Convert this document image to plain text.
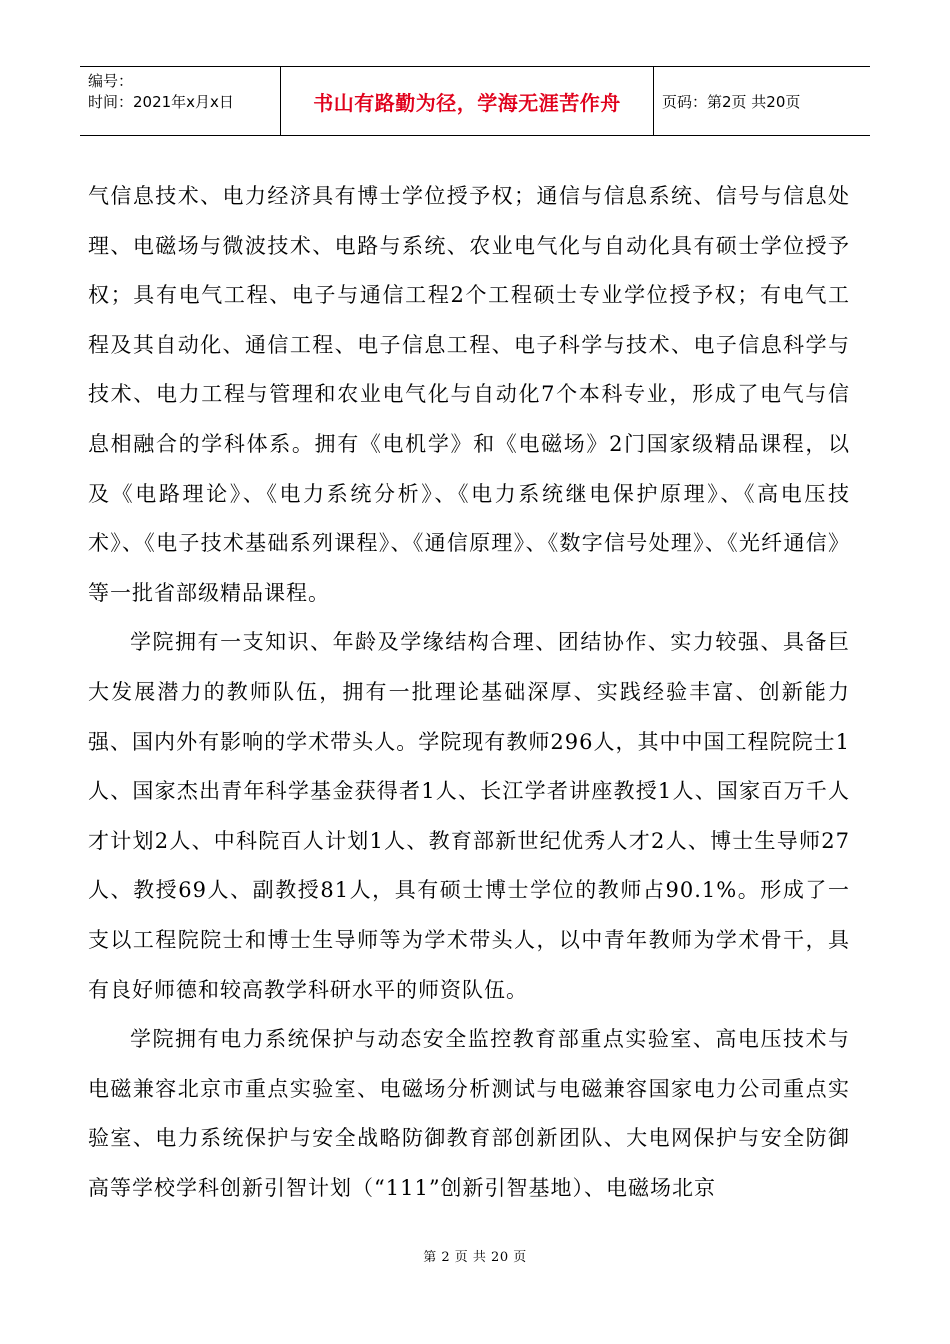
编号：
时间：2021年x月x日	书山有路勤为径，学海无涯苦作舟	页码：第2页 共20页

气信息技术、电力经济具有博士学位授予权；通信与信息系统、信号与信息处理、电磁场与微波技术、电路与系统、农业电气化与自动化具有硕士学位授予权；具有电气工程、电子与通信工程2个工程硕士专业学位授予权；有电气工程及其自动化、通信工程、电子信息工程、电子科学与技术、电子信息科学与技术、电力工程与管理和农业电气化与自动化7个本科专业，形成了电气与信息相融合的学科体系。拥有《电机学》和《电磁场》2门国家级精品课程，以及《电路理论》、《电力系统分析》、《电力系统继电保护原理》、《高电压技术》、《电子技术基础系列课程》、《通信原理》、《数字信号处理》、《光纤通信》等一批省部级精品课程。

学院拥有一支知识、年龄及学缘结构合理、团结协作、实力较强、具备巨大发展潜力的教师队伍，拥有一批理论基础深厚、实践经验丰富、创新能力强、国内外有影响的学术带头人。学院现有教师296人，其中中国工程院院士1人、国家杰出青年科学基金获得者1人、长江学者讲座教授1人、国家百万千人才计划2人、中科院百人计划1人、教育部新世纪优秀人才2人、博士生导师27人、教授69人、副教授81人，具有硕士博士学位的教师占90.1%。形成了一支以工程院院士和博士生导师等为学术带头人，以中青年教师为学术骨干，具有良好师德和较高教学科研水平的师资队伍。

学院拥有电力系统保护与动态安全监控教育部重点实验室、高电压技术与电磁兼容北京市重点实验室、电磁场分析测试与电磁兼容国家电力公司重点实验室、电力系统保护与安全战略防御教育部创新团队、大电网保护与安全防御高等学校学科创新引智计划（“111”创新引智基地）、电磁场北京

第 2 页 共 20 页
